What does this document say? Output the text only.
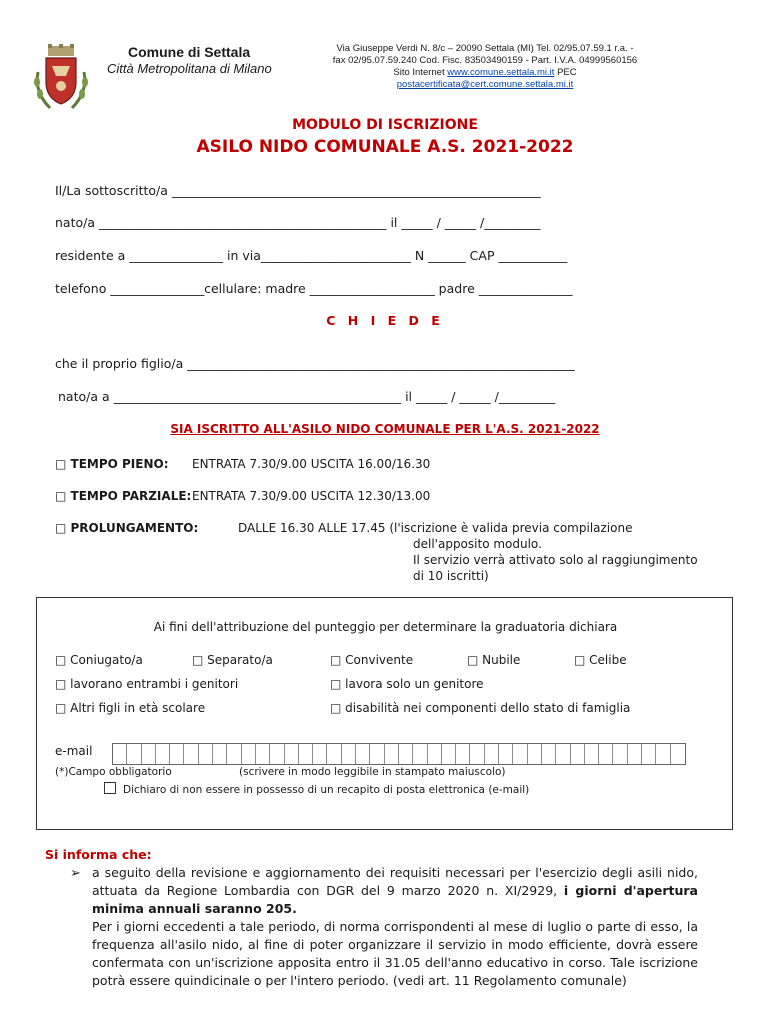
Comune di Settala
Città Metropolitana di Milano
Via Giuseppe Verdi N. 8/c – 20090 Settala (MI) Tel. 02/95.07.59.1 r.a. -
fax 02/95.07.59.240 Cod. Fisc. 83503490159 - Part. I.V.A. 04999560156
Sito Internet www.comune.settala.mi.it PEC
postacertificata@cert.comune.settala.mi.it
MODULO DI ISCRIZIONE
ASILO NIDO COMUNALE A.S. 2021-2022
Il/La sottoscritto/a ___________________________________________________________
nato/a ______________________________________________ il _____ / _____ /_________
residente a _______________ in via________________________ N ______ CAP ___________
telefono _______________cellulare: madre ____________________ padre _______________
C H I E D E
che il proprio figlio/a ______________________________________________________________
nato/a a ______________________________________________ il _____ / _____ /_________
SIA ISCRITTO ALL'ASILO NIDO COMUNALE PER L'A.S. 2021-2022
□ TEMPO PIENO: ENTRATA 7.30/9.00 USCITA 16.00/16.30
□ TEMPO PARZIALE: ENTRATA 7.30/9.00 USCITA 12.30/13.00
□ PROLUNGAMENTO:	DALLE 16.30 ALLE 17.45 (l'iscrizione è valida previa compilazione
dell'apposito modulo.
Il servizio verrà attivato solo al raggiungimento
di 10 iscritti)
Ai fini dell'attribuzione del punteggio per determinare la graduatoria dichiara
□ Coniugato/a	□ Separato/a	□ Convivente	□ Nubile	□ Celibe
□ lavorano entrambi i genitori	□ lavora solo un genitore
□ Altri figli in età scolare	□ disabilità nei componenti dello stato di famiglia
e-mail
(*)Campo obbligatorio	(scrivere in modo leggibile in stampato maiuscolo)
Dichiaro di non essere in possesso di un recapito di posta elettronica (e-mail)
Si informa che:
➢ a seguito della revisione e aggiornamento dei requisiti necessari per l'esercizio degli asili nido, attuata da Regione Lombardia con DGR del 9 marzo 2020 n. XI/2929, i giorni d'apertura minima annuali saranno 205.
Per i giorni eccedenti a tale periodo, di norma corrispondenti al mese di luglio o parte di esso, la frequenza all'asilo nido, al fine di poter organizzare il servizio in modo efficiente, dovrà essere confermata con un'iscrizione apposita entro il 31.05 dell'anno educativo in corso. Tale iscrizione potrà essere quindicinale o per l'intero periodo. (vedi art. 11 Regolamento comunale)
